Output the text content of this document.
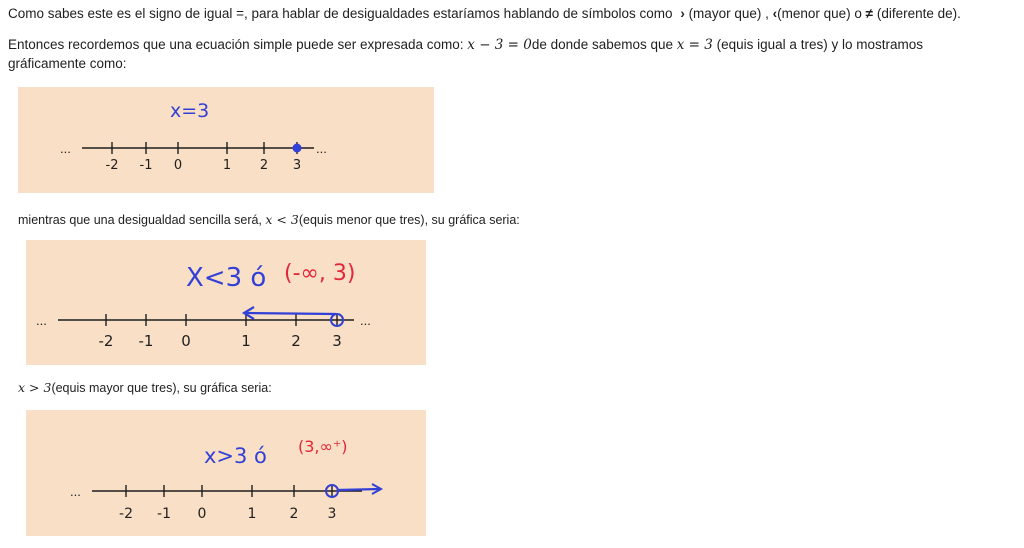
Como sabes este es el signo de igual =, para hablar de desigualdades estaríamos hablando de símbolos como › (mayor que) , ‹(menor que) o ≠ (diferente de).
Entonces recordemos que una ecuación simple puede ser expresada como: x − 3 = 0de donde sabemos que x = 3 (equis igual a tres) y lo mostramos
gráficamente como:
x=3
...	...
-2 -1 0	1 2 3
mientras que una desigualdad sencilla será, x < 3(equis menor que tres), su gráfica seria:
X<3 ó (-∞, 3)
...	...
-2 -1 0	1	2 3
x > 3(equis mayor que tres), su gráfica seria:
x>3 ó (3,∞⁺)
...
-2 -1 0	1 2 3
